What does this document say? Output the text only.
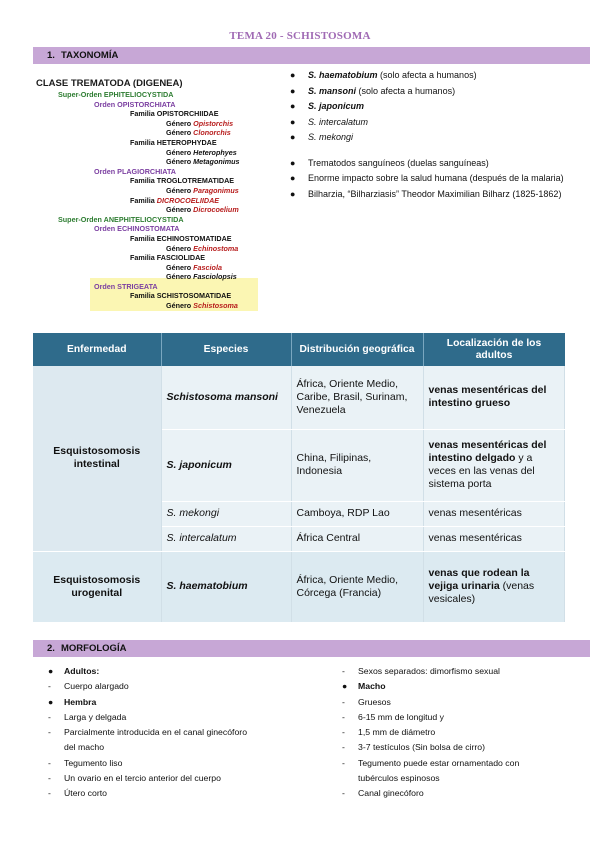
TEMA 20 - SCHISTOSOMA
1. TAXONOMÍA
CLASE TREMATODA (DIGENEA)
Super-Orden EPHITELIOCYSTIDA
Orden OPISTORCHIATA
Familia OPISTORCHIIDAE
Género Opistorchis
Género Clonorchis
Familia HETEROPHYDAE
Género Heterophyes
Género Metagonimus
Orden PLAGIORCHIATA
Familia TROGLOTREMATIDAE
Género Paragonimus
Familia DICROCOELIIDAE
Género Dicrocoelium
Super-Orden ANEPHITELIOCYSTIDA
Orden ECHINOSTOMATA
Familia ECHINOSTOMATIDAE
Género Echinostoma
Familia FASCIOLIDAE
Género Fasciola
Género Fasciolopsis
Orden STRIGEATA
Familia SCHISTOSOMATIDAE
Género Schistosoma
●	S. haematobium (solo afecta a humanos)
●	S. mansoni (solo afecta a humanos)
●	S. japonicum
●	S. intercalatum
●	S. mekongi
● Trematodos sanguíneos (duelas sanguíneas)
● Enorme impacto sobre la salud humana (después de la malaria)
● Bilharzia, “Bilharziasis” Theodor Maximilian Bilharz (1825-1862)
Enfermedad	Especies	Distribución geográfica	Localización de los adultos
Esquistosomosis intestinal	Schistosoma mansoni	África, Oriente Medio, Caribe, Brasil, Surinam, Venezuela	venas mesentéricas del intestino grueso
	S. japonicum	China, Filipinas, Indonesia	venas mesentéricas del intestino delgado y a veces en las venas del sistema porta
	S. mekongi	Camboya, RDP Lao	venas mesentéricas
	S. intercalatum	África Central	venas mesentéricas
Esquistosomosis urogenital	S. haematobium	África, Oriente Medio, Córcega (Francia)	venas que rodean la vejiga urinaria (venas vesicales)
2. MORFOLOGÍA
●	Adultos:
-	Cuerpo alargado
●	Hembra
-	Larga y delgada
-	Parcialmente introducida en el canal ginecóforo
del macho
-	Tegumento liso
-	Un ovario en el tercio anterior del cuerpo
-	Útero corto
-	Sexos separados: dimorfismo sexual
●	Macho
-	Gruesos
-	6-15 mm de longitud y
-	1,5 mm de diámetro
-	3-7 testículos (Sin bolsa de cirro)
-	Tegumento puede estar ornamentado con
tubérculos espinosos
-	Canal ginecóforo
